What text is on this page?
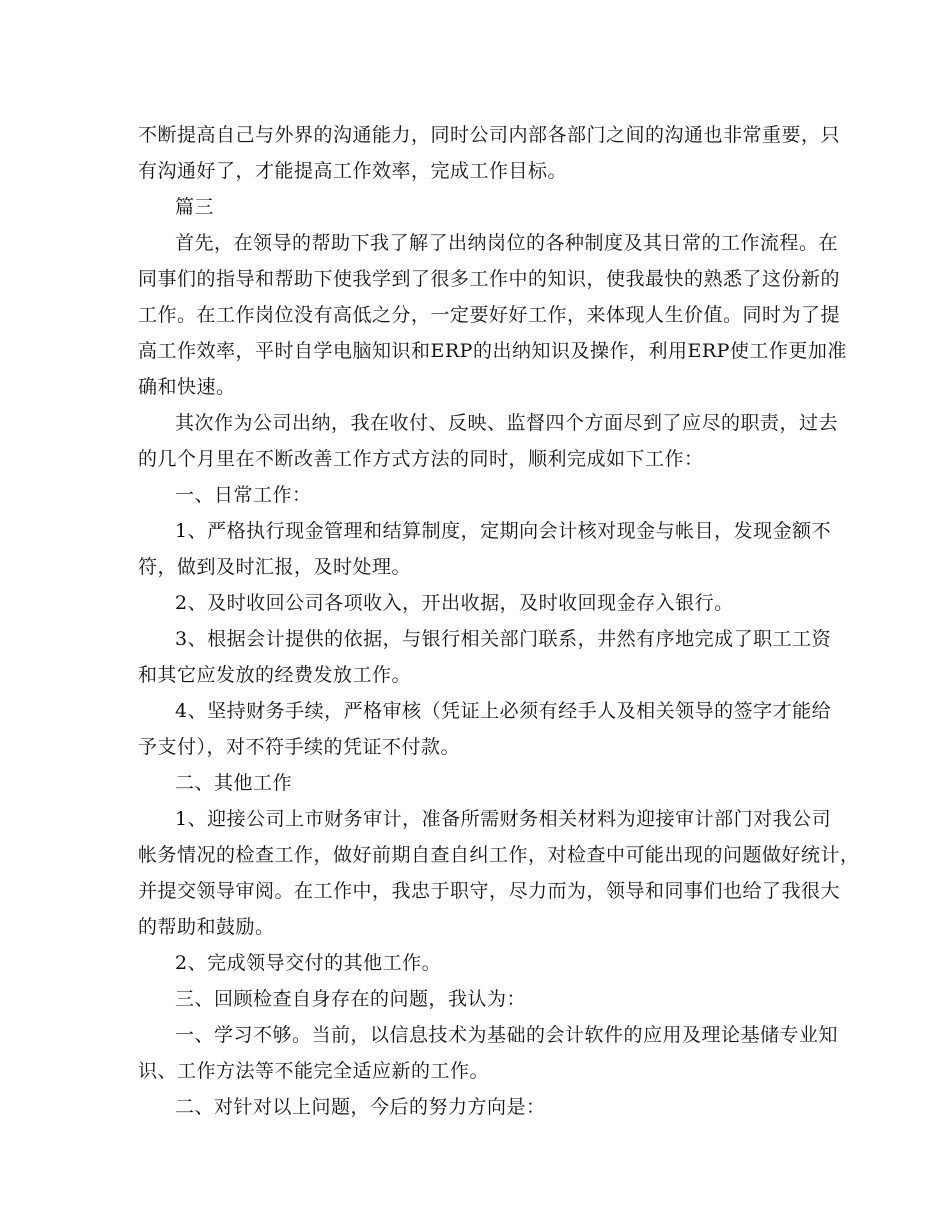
不断提高自己与外界的沟通能力，同时公司内部各部门之间的沟通也非常重要，只
有沟通好了，才能提高工作效率，完成工作目标。
篇三
首先，在领导的帮助下我了解了出纳岗位的各种制度及其日常的工作流程。在
同事们的指导和帮助下使我学到了很多工作中的知识，使我最快的熟悉了这份新的
工作。在工作岗位没有高低之分，一定要好好工作，来体现人生价值。同时为了提
高工作效率，平时自学电脑知识和ERP的出纳知识及操作，利用ERP使工作更加准
确和快速。
其次作为公司出纳，我在收付、反映、监督四个方面尽到了应尽的职责，过去
的几个月里在不断改善工作方式方法的同时，顺利完成如下工作：
一、日常工作：
1、严格执行现金管理和结算制度，定期向会计核对现金与帐目，发现金额不
符，做到及时汇报，及时处理。
2、及时收回公司各项收入，开出收据，及时收回现金存入银行。
3、根据会计提供的依据，与银行相关部门联系，井然有序地完成了职工工资
和其它应发放的经费发放工作。
4、坚持财务手续，严格审核（凭证上必须有经手人及相关领导的签字才能给
予支付），对不符手续的凭证不付款。
二、其他工作
1、迎接公司上市财务审计，准备所需财务相关材料为迎接审计部门对我公司
帐务情况的检查工作，做好前期自查自纠工作，对检查中可能出现的问题做好统计，
并提交领导审阅。在工作中，我忠于职守，尽力而为，领导和同事们也给了我很大
的帮助和鼓励。
2、完成领导交付的其他工作。
三、回顾检查自身存在的问题，我认为：
一、学习不够。当前，以信息技术为基础的会计软件的应用及理论基储专业知
识、工作方法等不能完全适应新的工作。
二、对针对以上问题，今后的努力方向是：
